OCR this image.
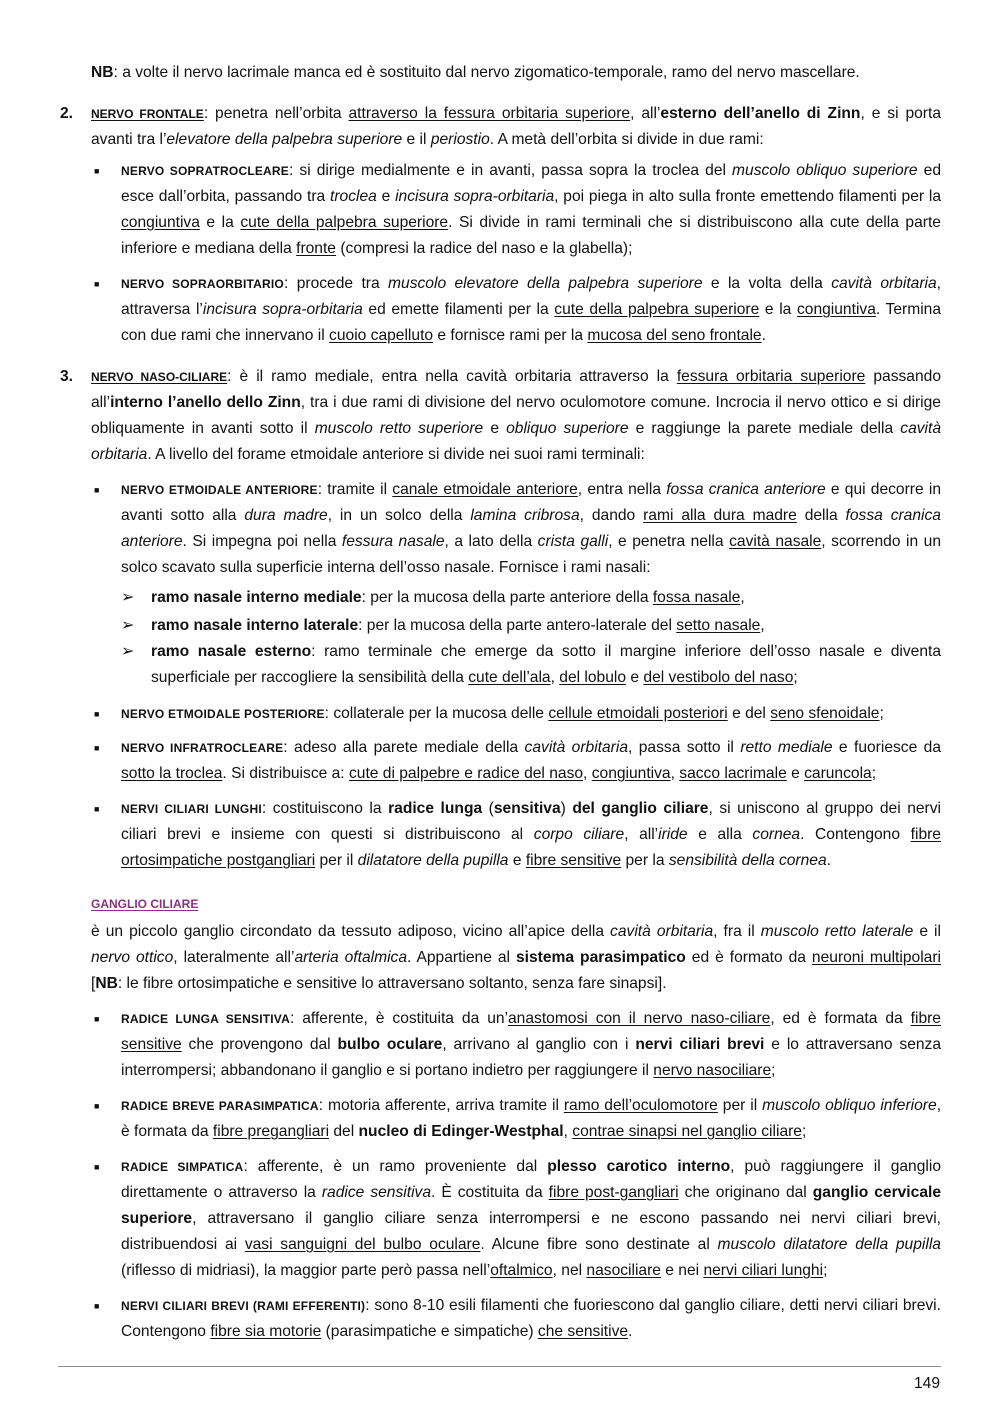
NB: a volte il nervo lacrimale manca ed è sostituito dal nervo zigomatico-temporale, ramo del nervo mascellare.

2. NERVO FRONTALE: penetra nell’orbita attraverso la fessura orbitaria superiore, all’esterno dell’anello di Zinn, e si porta avanti tra l’elevatore della palpebra superiore e il periostio. A metà dell’orbita si divide in due rami:

■ NERVO SOPRATROCLEARE: si dirige medialmente e in avanti, passa sopra la troclea del muscolo obliquo superiore ed esce dall’orbita, passando tra troclea e incisura sopra-orbitaria, poi piega in alto sulla fronte emettendo filamenti per la congiuntiva e la cute della palpebra superiore. Si divide in rami terminali che si distribuiscono alla cute della parte inferiore e mediana della fronte (compresi la radice del naso e la glabella);

■ NERVO SOPRAORBITARIO: procede tra muscolo elevatore della palpebra superiore e la volta della cavità orbitaria, attraversa l’incisura sopra-orbitaria ed emette filamenti per la cute della palpebra superiore e la congiuntiva. Termina con due rami che innervano il cuoio capelluto e fornisce rami per la mucosa del seno frontale.

3. NERVO NASO-CILIARE: è il ramo mediale, entra nella cavità orbitaria attraverso la fessura orbitaria superiore passando all’interno l’anello dello Zinn, tra i due rami di divisione del nervo oculomotore comune. Incrocia il nervo ottico e si dirige obliquamente in avanti sotto il muscolo retto superiore e obliquo superiore e raggiunge la parete mediale della cavità orbitaria. A livello del forame etmoidale anteriore si divide nei suoi rami terminali:

■ NERVO ETMOIDALE ANTERIORE: tramite il canale etmoidale anteriore, entra nella fossa cranica anteriore e qui decorre in avanti sotto alla dura madre, in un solco della lamina cribrosa, dando rami alla dura madre della fossa cranica anteriore. Si impegna poi nella fessura nasale, a lato della crista galli, e penetra nella cavità nasale, scorrendo in un solco scavato sulla superficie interna dell’osso nasale. Fornisce i rami nasali:

➢ ramo nasale interno mediale: per la mucosa della parte anteriore della fossa nasale,

➢ ramo nasale interno laterale: per la mucosa della parte antero-laterale del setto nasale,

➢ ramo nasale esterno: ramo terminale che emerge da sotto il margine inferiore dell’osso nasale e diventa superficiale per raccogliere la sensibilità della cute dell’ala, del lobulo e del vestibolo del naso;

■ NERVO ETMOIDALE POSTERIORE: collaterale per la mucosa delle cellule etmoidali posteriori e del seno sfenoidale;

■ NERVO INFRATROCLEARE: adeso alla parete mediale della cavità orbitaria, passa sotto il retto mediale e fuoriesce da sotto la troclea. Si distribuisce a: cute di palpebre e radice del naso, congiuntiva, sacco lacrimale e caruncola;

■ NERVI CILIARI LUNGHI: costituiscono la radice lunga (sensitiva) del ganglio ciliare, si uniscono al gruppo dei nervi ciliari brevi e insieme con questi si distribuiscono al corpo ciliare, all’iride e alla cornea. Contengono fibre ortosimpatiche postgangliari per il dilatatore della pupilla e fibre sensitive per la sensibilità della cornea.

GANGLIO CILIARE

è un piccolo ganglio circondato da tessuto adiposo, vicino all’apice della cavità orbitaria, fra il muscolo retto laterale e il nervo ottico, lateralmente all’arteria oftalmica. Appartiene al sistema parasimpatico ed è formato da neuroni multipolari [NB: le fibre ortosimpatiche e sensitive lo attraversano soltanto, senza fare sinapsi].

■ RADICE LUNGA SENSITIVA: afferente, è costituita da un’anastomosi con il nervo naso-ciliare, ed è formata da fibre sensitive che provengono dal bulbo oculare, arrivano al ganglio con i nervi ciliari brevi e lo attraversano senza interrompersi; abbandonano il ganglio e si portano indietro per raggiungere il nervo nasociliare;

■ RADICE BREVE PARASIMPATICA: motoria afferente, arriva tramite il ramo dell’oculomotore per il muscolo obliquo inferiore, è formata da fibre pregangliari del nucleo di Edinger-Westphal, contrae sinapsi nel ganglio ciliare;

■ RADICE SIMPATICA: afferente, è un ramo proveniente dal plesso carotico interno, può raggiungere il ganglio direttamente o attraverso la radice sensitiva. È costituita da fibre post-gangliari che originano dal ganglio cervicale superiore, attraversano il ganglio ciliare senza interrompersi e ne escono passando nei nervi ciliari brevi, distribuendosi ai vasi sanguigni del bulbo oculare. Alcune fibre sono destinate al muscolo dilatatore della pupilla (riflesso di midriasi), la maggior parte però passa nell’oftalmico, nel nasociliare e nei nervi ciliari lunghi;

■ NERVI CILIARI BREVI (RAMI EFFERENTI): sono 8-10 esili filamenti che fuoriescono dal ganglio ciliare, detti nervi ciliari brevi. Contengono fibre sia motorie (parasimpatiche e simpatiche) che sensitive.

149
